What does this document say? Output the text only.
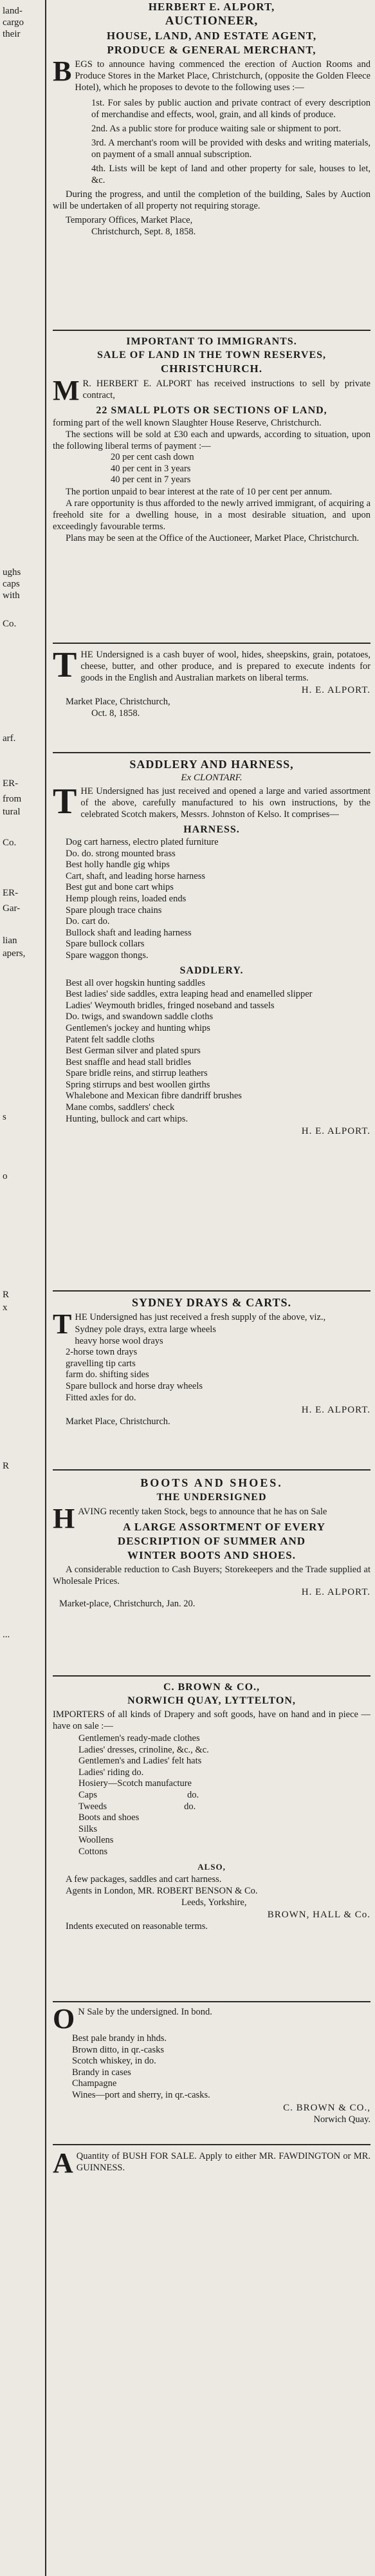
land-
cargo
their
ughs
caps
with
Co.
arf.
ER-
from
tural
Co.
ER-
Gar-
lian
apers,
s
o
R
x
R
...
HERBERT E. ALPORT,
AUCTIONEER,
HOUSE, LAND, AND ESTATE AGENT,
PRODUCE & GENERAL MERCHANT,
B EGS to announce having commenced the erection of Auction Rooms and Produce Stores in the Market Place, Christchurch, (opposite the Golden Fleece Hotel), which he proposes to devote to the following uses :—
1st. For sales by public auction and private contract of every description of merchandise and effects, wool, grain, and all kinds of produce.
2nd. As a public store for produce waiting sale or shipment to port.
3rd. A merchant's room will be provided with desks and writing materials, on payment of a small annual subscription.
4th. Lists will be kept of land and other property for sale, houses to let, &c.
During the progress, and until the completion of the building, Sales by Auction will be undertaken of all property not requiring storage.
Temporary Offices, Market Place,
Christchurch, Sept. 8, 1858.
IMPORTANT TO IMMIGRANTS.
SALE OF LAND IN THE TOWN RESERVES,
CHRISTCHURCH.
M R. HERBERT E. ALPORT has received instructions to sell by private contract,
22 SMALL PLOTS OR SECTIONS OF LAND,
forming part of the well known Slaughter House Reserve, Christchurch.
The sections will be sold at £30 each and upwards, according to situation, upon the following liberal terms of payment :—
20 per cent cash down
40 per cent in 3 years
40 per cent in 7 years
The portion unpaid to bear interest at the rate of 10 per cent per annum.
A rare opportunity is thus afforded to the newly arrived immigrant, of acquiring a freehold site for a dwelling house, in a most desirable situation, and upon exceedingly favourable terms.
Plans may be seen at the Office of the Auctioneer, Market Place, Christchurch.
T HE Undersigned is a cash buyer of wool, hides, sheepskins, grain, potatoes, cheese, butter, and other produce, and is prepared to execute indents for goods in the English and Australian markets on liberal terms.
H. E. ALPORT.
Market Place, Christchurch,
Oct. 8, 1858.
SADDLERY AND HARNESS,
Ex CLONTARF.
T HE Undersigned has just received and opened a large and varied assortment of the above, carefully manufactured to his own instructions, by the celebrated Scotch makers, Messrs. Johnston of Kelso. It comprises—
HARNESS.
Dog cart harness, electro plated furniture
Do. do. strong mounted brass
Best holly handle gig whips
Cart, shaft, and leading horse harness
Best gut and bone cart whips
Hemp plough reins, loaded ends
Spare plough trace chains
Do. cart do.
Bullock shaft and leading harness
Spare bullock collars
Spare waggon thongs.
SADDLERY.
Best all over hogskin hunting saddles
Best ladies' side saddles, extra leaping head and enamelled slipper
Ladies' Weymouth bridles, fringed noseband and tassels
Do. twigs, and swandown saddle cloths
Gentlemen's jockey and hunting whips
Patent felt saddle cloths
Best German silver and plated spurs
Best snaffle and head stall bridles
Spare bridle reins, and stirrup leathers
Spring stirrups and best woollen girths
Whalebone and Mexican fibre dandriff brushes
Mane combs, saddlers' check
Hunting, bullock and cart whips.
H. E. ALPORT.
SYDNEY DRAYS & CARTS.
T HE Undersigned has just received a fresh supply of the above, viz.,
Sydney pole drays, extra large wheels
heavy horse wool drays
2-horse town drays
gravelling tip carts
farm do. shifting sides
Spare bullock and horse dray wheels
Fitted axles for do.
H. E. ALPORT.
Market Place, Christchurch.
BOOTS AND SHOES.
THE UNDERSIGNED
H AVING recently taken Stock, begs to announce that he has on Sale
A LARGE ASSORTMENT OF EVERY
DESCRIPTION OF SUMMER AND
WINTER BOOTS AND SHOES.
A considerable reduction to Cash Buyers; Storekeepers and the Trade supplied at Wholesale Prices.
H. E. ALPORT.
Market-place, Christchurch, Jan. 20.
C. BROWN & CO.,
NORWICH QUAY, LYTTELTON,
IMPORTERS of all kinds of Drapery and soft goods, have on hand and in piece —have on sale :—
Gentlemen's ready-made clothes
Ladies' dresses, crinoline, &c., &c.
Gentlemen's and Ladies' felt hats
Ladies' riding do.
Hosiery—Scotch manufacture
Caps	do.
Tweeds	do.
Boots and shoes
Silks
Woollens
Cottons
ALSO,
A few packages, saddles and cart harness.
Agents in London, MR. ROBERT BENSON & Co.
Leeds, Yorkshire,
BROWN, HALL & Co.
Indents executed on reasonable terms.
O N Sale by the undersigned. In bond.
Best pale brandy in hhds.
Brown ditto, in qr.-casks
Scotch whiskey, in do.
Brandy in cases
Champagne
Wines—port and sherry, in qr.-casks.
C. BROWN & CO.,
Norwich Quay.
A Quantity of BUSH FOR SALE. Apply to either MR. FAWDINGTON or MR. GUINNESS.
